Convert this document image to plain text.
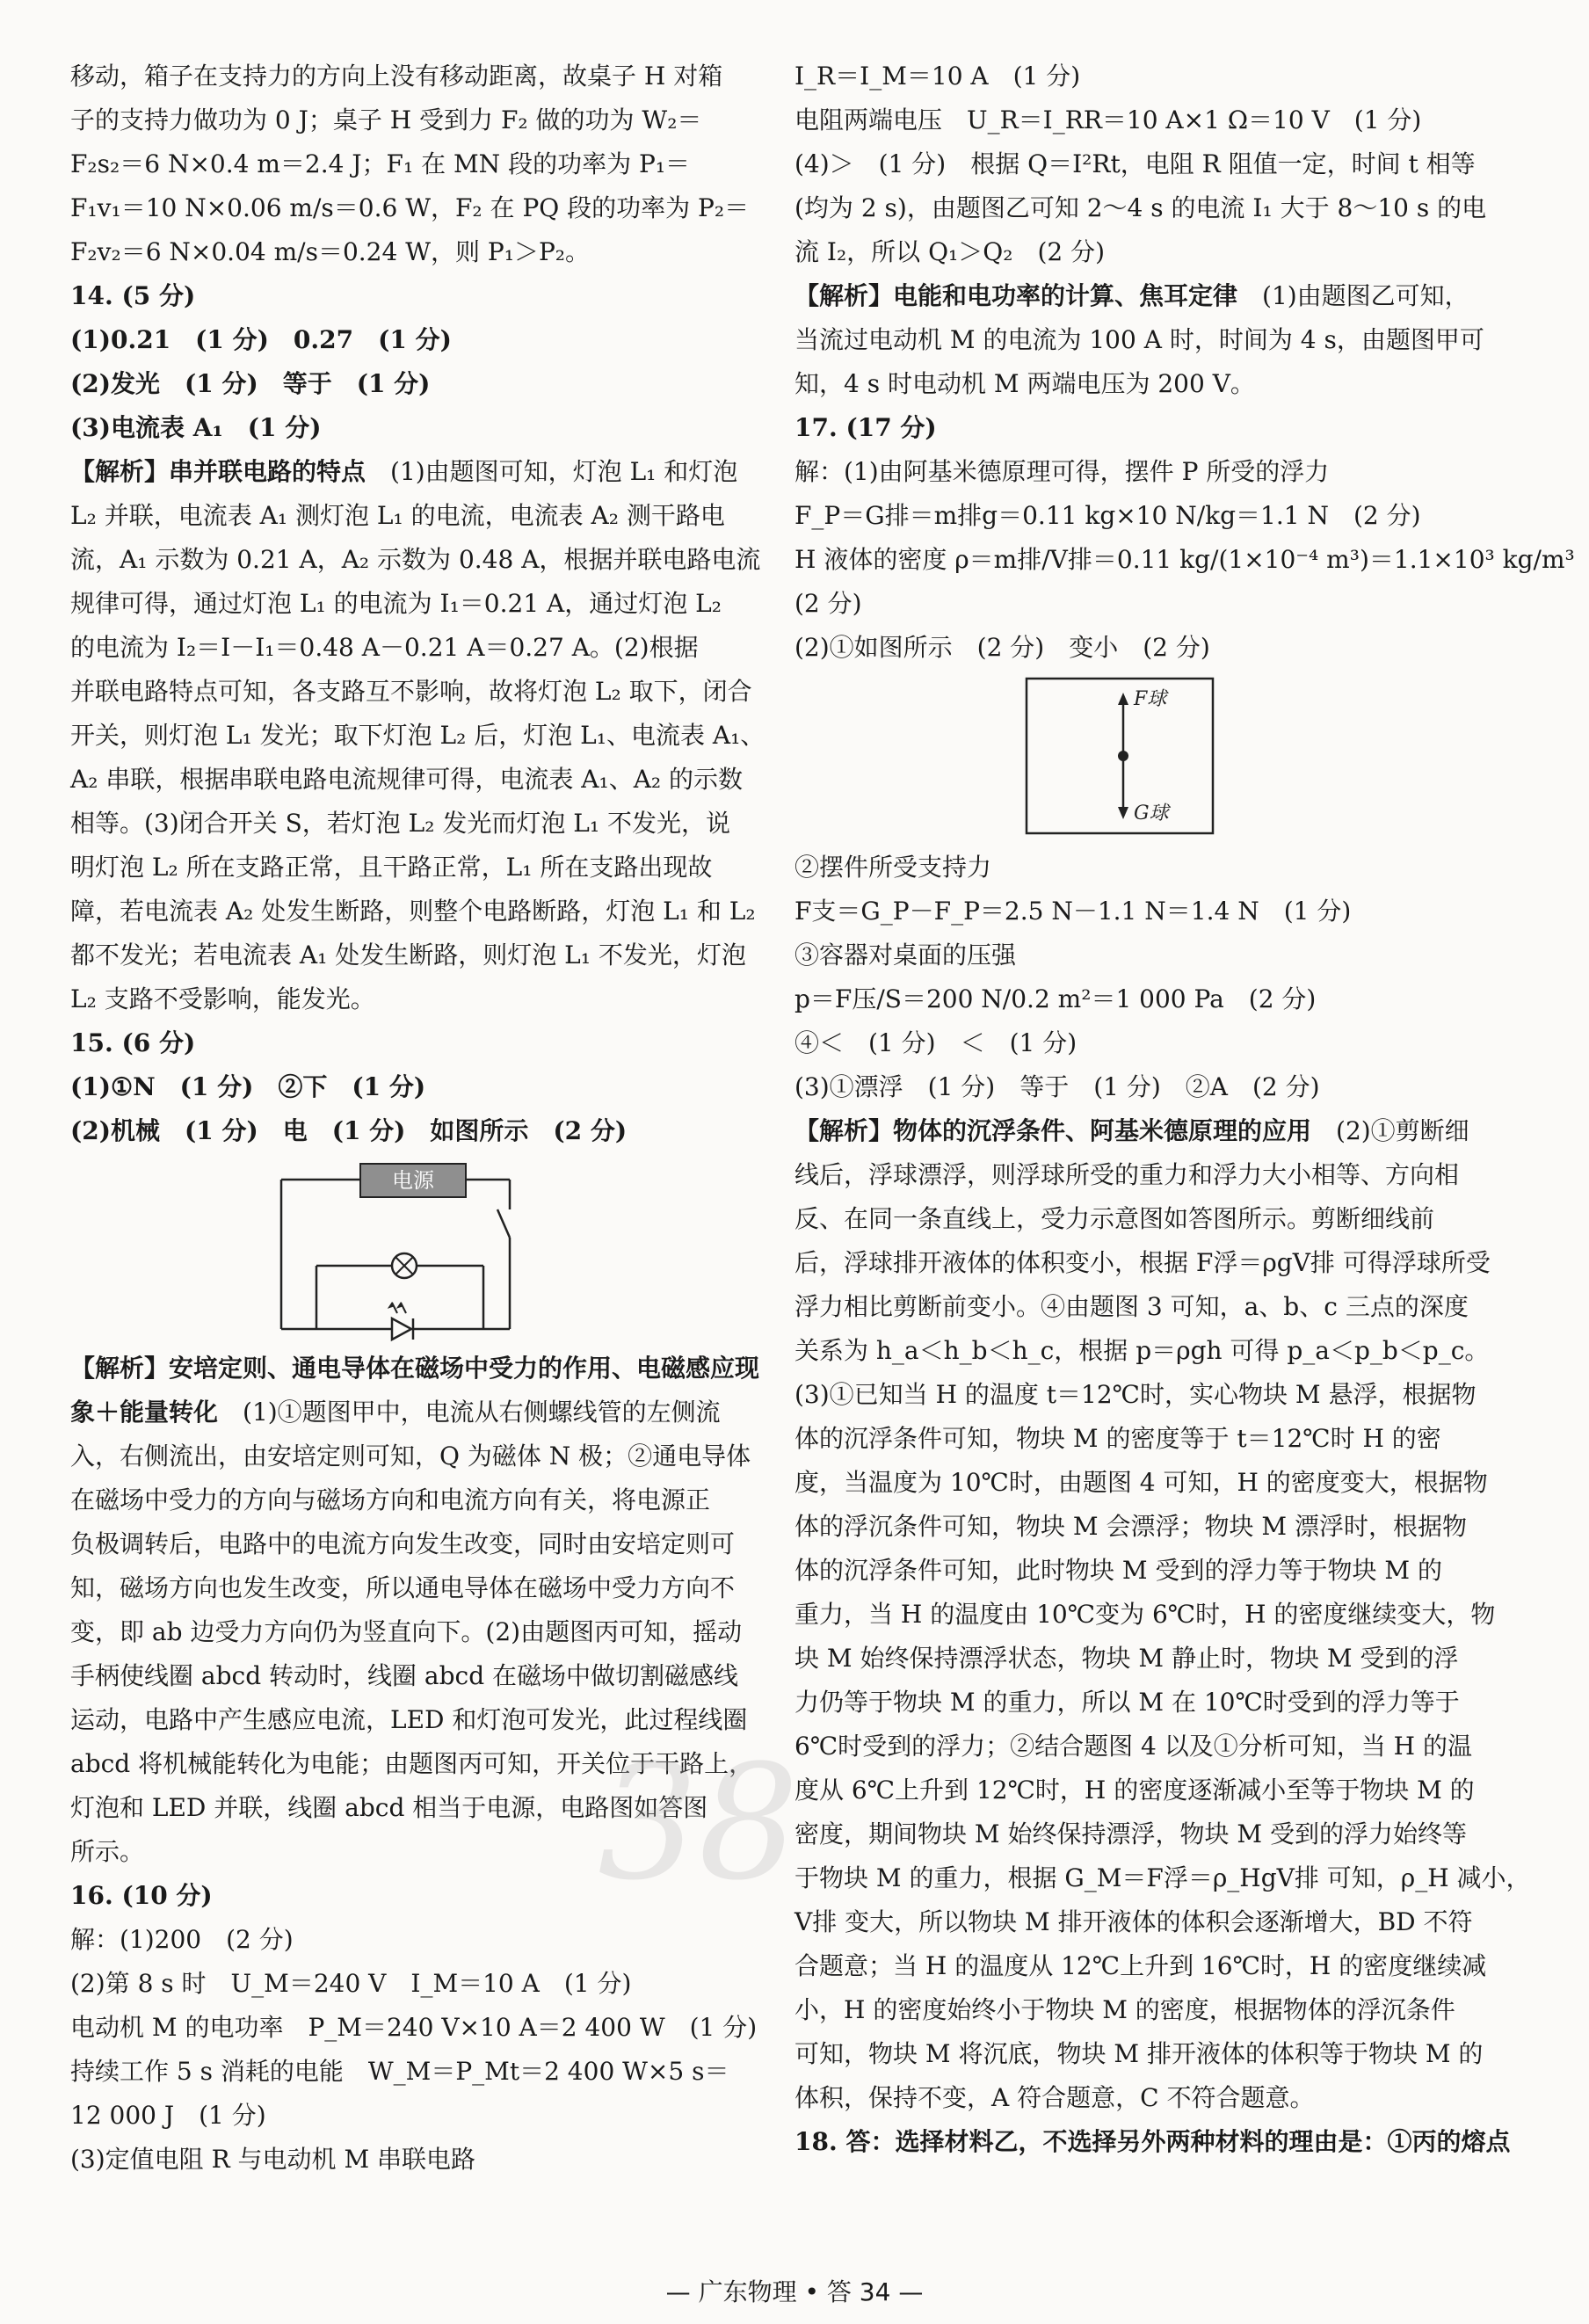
移动，箱子在支持力的方向上没有移动距离，故桌子 H 对箱
子的支持力做功为 0 J；桌子 H 受到力 F₂ 做的功为 W₂＝
F₂s₂＝6 N×0.4 m＝2.4 J；F₁ 在 MN 段的功率为 P₁＝
F₁v₁＝10 N×0.06 m/s＝0.6 W，F₂ 在 PQ 段的功率为 P₂＝
F₂v₂＝6 N×0.04 m/s＝0.24 W，则 P₁＞P₂。
14. (5 分)
(1)0.21　(1 分)　0.27　(1 分)
(2)发光　(1 分)　等于　(1 分)
(3)电流表 A₁　(1 分)
【解析】串并联电路的特点　(1)由题图可知，灯泡 L₁ 和灯泡
L₂ 并联，电流表 A₁ 测灯泡 L₁ 的电流，电流表 A₂ 测干路电
流，A₁ 示数为 0.21 A，A₂ 示数为 0.48 A，根据并联电路电流
规律可得，通过灯泡 L₁ 的电流为 I₁＝0.21 A，通过灯泡 L₂
的电流为 I₂＝I－I₁＝0.48 A－0.21 A＝0.27 A。(2)根据
并联电路特点可知，各支路互不影响，故将灯泡 L₂ 取下，闭合
开关，则灯泡 L₁ 发光；取下灯泡 L₂ 后，灯泡 L₁、电流表 A₁、
A₂ 串联，根据串联电路电流规律可得，电流表 A₁、A₂ 的示数
相等。(3)闭合开关 S，若灯泡 L₂ 发光而灯泡 L₁ 不发光，说
明灯泡 L₂ 所在支路正常，且干路正常，L₁ 所在支路出现故
障，若电流表 A₂ 处发生断路，则整个电路断路，灯泡 L₁ 和 L₂
都不发光；若电流表 A₁ 处发生断路，则灯泡 L₁ 不发光，灯泡
L₂ 支路不受影响，能发光。
15. (6 分)
(1)①N　(1 分)　②下　(1 分)
(2)机械　(1 分)　电　(1 分)　如图所示　(2 分)
电源
【解析】安培定则、通电导体在磁场中受力的作用、电磁感应现
象＋能量转化　(1)①题图甲中，电流从右侧螺线管的左侧流
入，右侧流出，由安培定则可知，Q 为磁体 N 极；②通电导体
在磁场中受力的方向与磁场方向和电流方向有关，将电源正
负极调转后，电路中的电流方向发生改变，同时由安培定则可
知，磁场方向也发生改变，所以通电导体在磁场中受力方向不
变，即 ab 边受力方向仍为竖直向下。(2)由题图丙可知，摇动
手柄使线圈 abcd 转动时，线圈 abcd 在磁场中做切割磁感线
运动，电路中产生感应电流，LED 和灯泡可发光，此过程线圈
abcd 将机械能转化为电能；由题图丙可知，开关位于干路上，
灯泡和 LED 并联，线圈 abcd 相当于电源，电路图如答图
所示。
16. (10 分)
解：(1)200　(2 分)
(2)第 8 s 时　U_M＝240 V　I_M＝10 A　(1 分)
电动机 M 的电功率　P_M＝240 V×10 A＝2 400 W　(1 分)
持续工作 5 s 消耗的电能　W_M＝P_Mt＝2 400 W×5 s＝
12 000 J　(1 分)
(3)定值电阻 R 与电动机 M 串联电路
I_R＝I_M＝10 A　(1 分)
电阻两端电压　U_R＝I_RR＝10 A×1 Ω＝10 V　(1 分)
(4)＞　(1 分)　根据 Q＝I²Rt，电阻 R 阻值一定，时间 t 相等
(均为 2 s)，由题图乙可知 2～4 s 的电流 I₁ 大于 8～10 s 的电
流 I₂，所以 Q₁＞Q₂　(2 分)
【解析】电能和电功率的计算、焦耳定律　(1)由题图乙可知，
当流过电动机 M 的电流为 100 A 时，时间为 4 s，由题图甲可
知，4 s 时电动机 M 两端电压为 200 V。
17. (17 分)
解：(1)由阿基米德原理可得，摆件 P 所受的浮力
F_P＝G排＝m排g＝0.11 kg×10 N/kg＝1.1 N　(2 分)
H 液体的密度 ρ＝m排/V排＝0.11 kg/(1×10⁻⁴ m³)＝1.1×10³ kg/m³
(2 分)
(2)①如图所示　(2 分)　变小　(2 分)
F球
G球
②摆件所受支持力
F支＝G_P－F_P＝2.5 N－1.1 N＝1.4 N　(1 分)
③容器对桌面的压强
p＝F压/S＝200 N/0.2 m²＝1 000 Pa　(2 分)
④＜　(1 分)　＜　(1 分)
(3)①漂浮　(1 分)　等于　(1 分)　②A　(2 分)
【解析】物体的沉浮条件、阿基米德原理的应用　(2)①剪断细
线后，浮球漂浮，则浮球所受的重力和浮力大小相等、方向相
反、在同一条直线上，受力示意图如答图所示。剪断细线前
后，浮球排开液体的体积变小，根据 F浮＝ρgV排 可得浮球所受
浮力相比剪断前变小。④由题图 3 可知，a、b、c 三点的深度
关系为 h_a＜h_b＜h_c，根据 p＝ρgh 可得 p_a＜p_b＜p_c。
(3)①已知当 H 的温度 t＝12℃时，实心物块 M 悬浮，根据物
体的沉浮条件可知，物块 M 的密度等于 t＝12℃时 H 的密
度，当温度为 10℃时，由题图 4 可知，H 的密度变大，根据物
体的浮沉条件可知，物块 M 会漂浮；物块 M 漂浮时，根据物
体的沉浮条件可知，此时物块 M 受到的浮力等于物块 M 的
重力，当 H 的温度由 10℃变为 6℃时，H 的密度继续变大，物
块 M 始终保持漂浮状态，物块 M 静止时，物块 M 受到的浮
力仍等于物块 M 的重力，所以 M 在 10℃时受到的浮力等于
6℃时受到的浮力；②结合题图 4 以及①分析可知，当 H 的温
度从 6℃上升到 12℃时，H 的密度逐渐减小至等于物块 M 的
密度，期间物块 M 始终保持漂浮，物块 M 受到的浮力始终等
于物块 M 的重力，根据 G_M＝F浮＝ρ_HgV排 可知，ρ_H 减小，
V排 变大，所以物块 M 排开液体的体积会逐渐增大，BD 不符
合题意；当 H 的温度从 12℃上升到 16℃时，H 的密度继续减
小，H 的密度始终小于物块 M 的密度，根据物体的浮沉条件
可知，物块 M 将沉底，物块 M 排开液体的体积等于物块 M 的
体积，保持不变，A 符合题意，C 不符合题意。
18. 答：选择材料乙，不选择另外两种材料的理由是：①丙的熔点
38
— 广东物理 • 答 34 —
